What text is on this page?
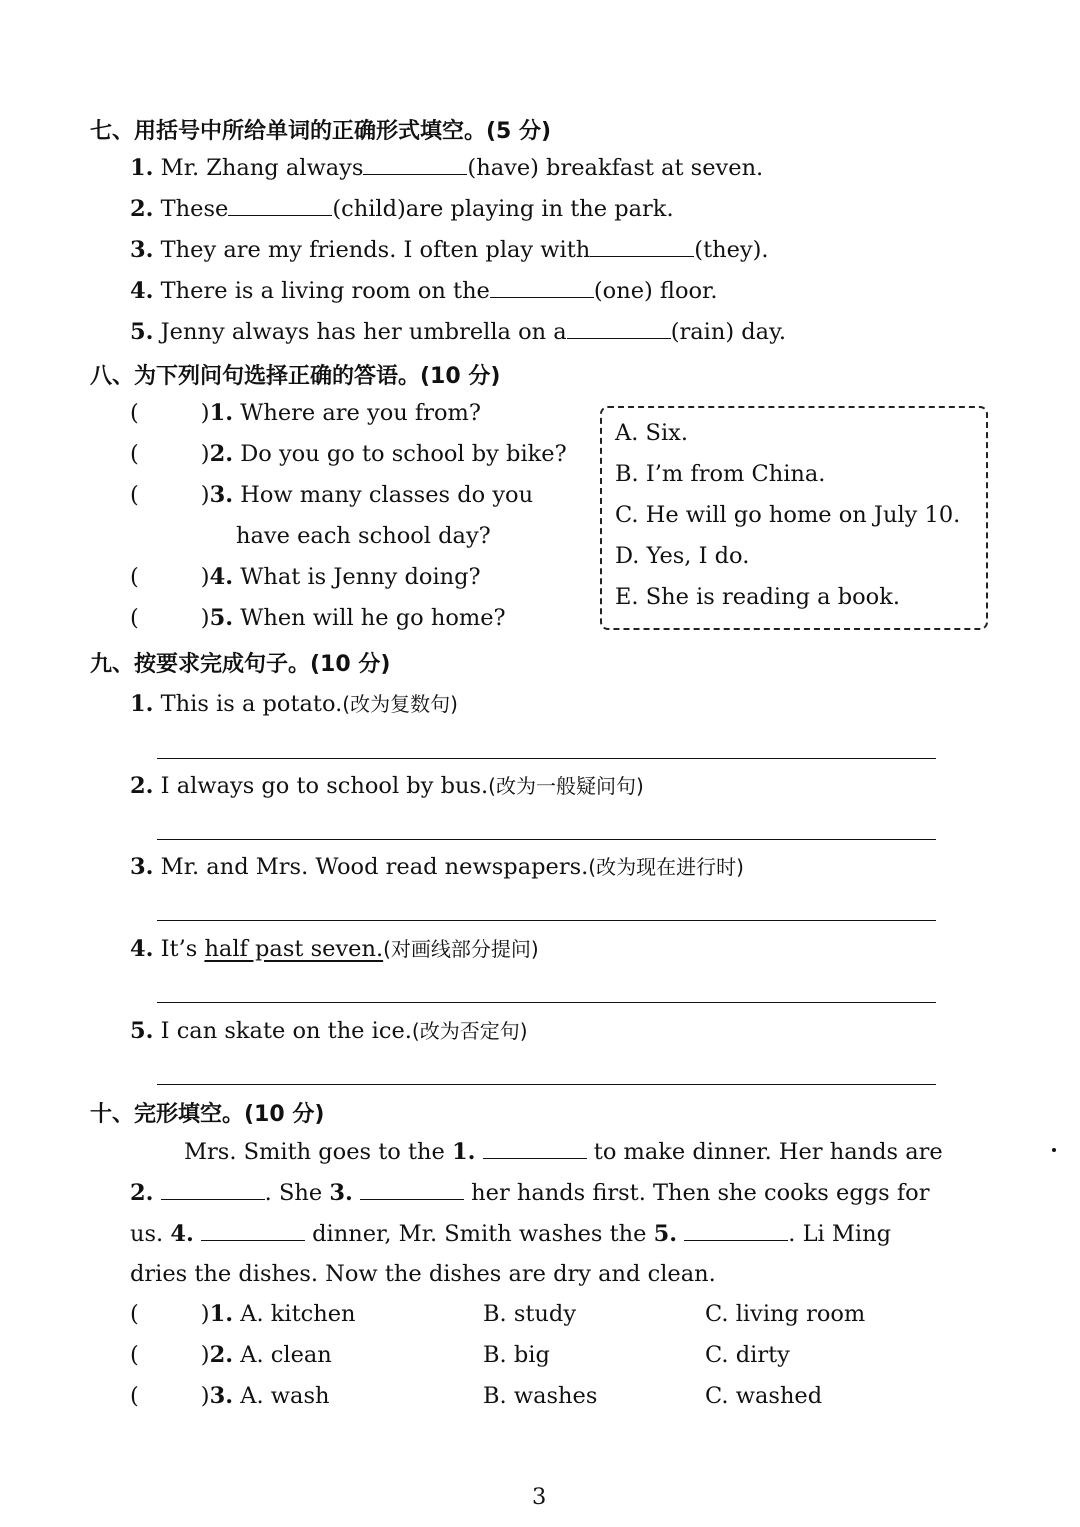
七、用括号中所给单词的正确形式填空。(5 分)
1. Mr. Zhang always	(have) breakfast at seven.
2. These	(child)are playing in the park.
3. They are my friends. I often play with	(they).
4. There is a living room on the	(one) floor.
5. Jenny always has her umbrella on a	(rain) day.
八、为下列问句选择正确的答语。(10 分)
(	)1. Where are you from?
(	)2. Do you go to school by bike?
(	)3. How many classes do you
have each school day?
(	)4. What is Jenny doing?
(	)5. When will he go home?
A. Six.
B. I’m from China.
C. He will go home on July 10.
D. Yes, I do.
E. She is reading a book.
九、按要求完成句子。(10 分)
1. This is a potato.(改为复数句)
2. I always go to school by bus.(改为一般疑问句)
3. Mr. and Mrs. Wood read newspapers.(改为现在进行时)
4. It’s half past seven.(对画线部分提问)
5. I can skate on the ice.(改为否定句)
十、完形填空。(10 分)
Mrs. Smith goes to the 1.	to make dinner. Her hands are
2.	. She 3.	her hands first. Then she cooks eggs for
us. 4.	dinner, Mr. Smith washes the 5.	. Li Ming
dries the dishes. Now the dishes are dry and clean.
(	)1. A. kitchen	B. study	C. living room
(	)2. A. clean	B. big	C. dirty
(	)3. A. wash	B. washes	C. washed
3
